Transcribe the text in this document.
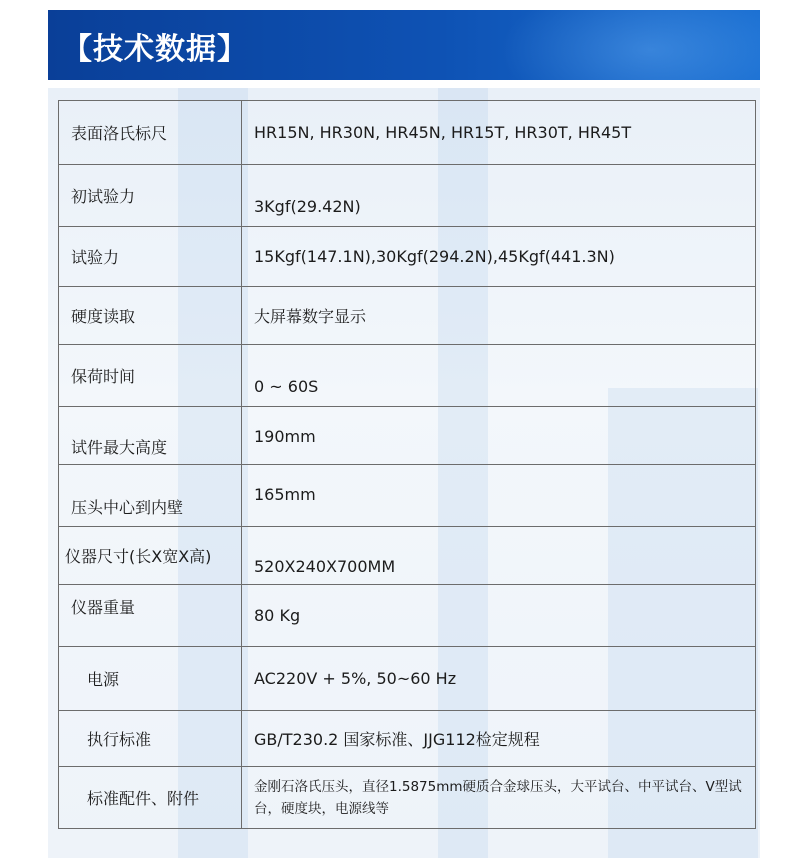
【技术数据】
表面洛氏标尺	HR15N, HR30N, HR45N, HR15T, HR30T, HR45T
初试验力	3Kgf(29.42N)
试验力	15Kgf(147.1N),30Kgf(294.2N),45Kgf(441.3N)
硬度读取	大屏幕数字显示
保荷时间	0 ~ 60S
试件最大高度	190mm
压头中心到内壁	165mm
仪器尺寸(长X宽X高)	520X240X700MM
仪器重量	80 Kg
电源	AC220V + 5%, 50~60 Hz
执行标准	GB/T230.2 国家标准、JJG112检定规程
标准配件、附件	金刚石洛氏压头，直径1.5875mm硬质合金球压头，大平试台、中平试台、V型试台，硬度块，电源线等
